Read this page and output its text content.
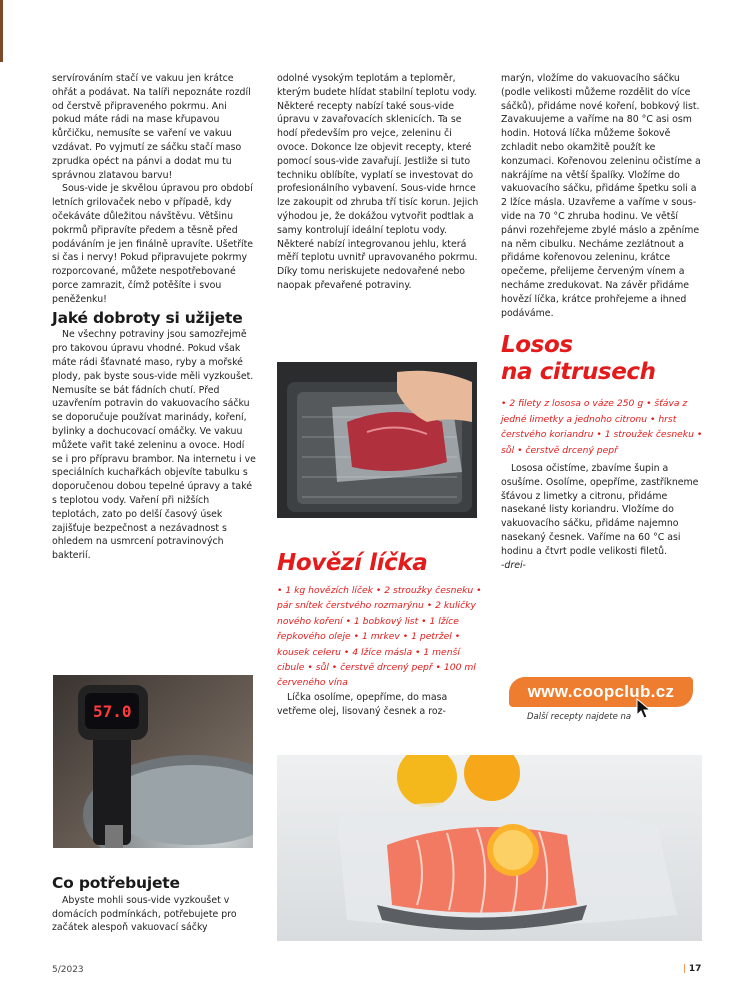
servírováním stačí ve vakuu jen krátce ohřát a podávat. Na talíři nepoznáte rozdíl od čerstvě připraveného pokrmu. Ani pokud máte rádi na mase křupavou kůrčičku, nemusíte se vaření ve vakuu vzdávat. Po vyjmutí ze sáčku stačí maso zprudka opéct na pánvi a dodat mu tu správnou zlatavou barvu!

Sous-vide je skvělou úpravou pro období letních grilovaček nebo v případě, kdy očekáváte důležitou návštěvu. Většinu pokrmů připravíte předem a těsně před podáváním je jen finálně upravíte. Ušetříte si čas i nervy! Pokud připravujete pokrmy rozporcované, můžete nespotřebované porce zamrazit, čímž potěšíte i svou peněženku!

Jaké dobroty si užijete

Ne všechny potraviny jsou samozřejmě pro takovou úpravu vhodné. Pokud však máte rádi šťavnaté maso, ryby a mořské plody, pak byste sous-vide měli vyzkoušet. Nemusíte se bát fádních chutí. Před uzavřením potravin do vakuovacího sáčku se doporučuje používat marinády, koření, bylinky a dochucovací omáčky. Ve vakuu můžete vařit také zeleninu a ovoce. Hodí se i pro přípravu brambor. Na internetu i ve speciálních kuchařkách objevíte tabulku s doporučenou dobou tepelné úpravy a také s teplotou vody. Vaření při nižších teplotách, zato po delší časový úsek zajišťuje bezpečnost a nezávadnost s ohledem na usmrcení potravinových bakterií.

57.0
Co potřebujete

Abyste mohli sous-vide vyzkoušet v domácích podmínkách, potřebujete pro začátek alespoň vakuovací sáčky

odolné vysokým teplotám a teploměr, kterým budete hlídat stabilní teplotu vody. Některé recepty nabízí také sous-vide úpravu v zavařovacích sklenicích. Ta se hodí především pro vejce, zeleninu či ovoce. Dokonce lze objevit recepty, které pomocí sous-vide zavařují. Jestliže si tuto techniku oblíbíte, vyplatí se investovat do profesionálního vybavení. Sous-vide hrnce lze zakoupit od zhruba tří tisíc korun. Jejich výhodou je, že dokážou vytvořit podtlak a samy kontrolují ideální teplotu vody. Některé nabízí integrovanou jehlu, která měří teplotu uvnitř upravovaného pokrmu. Díky tomu neriskujete nedovařené nebo naopak převařené potraviny.

Hovězí líčka

• 1 kg hovězích líček • 2 stroužky česneku • pár snítek čerstvého rozmarýnu • 2 kuličky nového koření • 1 bobkový list • 1 lžíce řepkového oleje • 1 mrkev • 1 petržel • kousek celeru • 4 lžíce másla • 1 menší cibule • sůl • čerstvě drcený pepř • 100 ml červeného vína

Líčka osolíme, opepříme, do masa vetřeme olej, lisovaný česnek a roz-

marýn, vložíme do vakuovacího sáčku (podle velikosti můžeme rozdělit do více sáčků), přidáme nové koření, bobkový list. Zavakuujeme a vaříme na 80 °C asi osm hodin. Hotová líčka můžeme šokově zchladit nebo okamžitě použít ke konzumaci. Kořenovou zeleninu očistíme a nakrájíme na větší špalíky. Vložíme do vakuovacího sáčku, přidáme špetku soli a 2 lžíce másla. Uzavřeme a vaříme v sous-vide na 70 °C zhruba hodinu. Ve větší pánvi rozehřejeme zbylé máslo a zpěníme na něm cibulku. Necháme zezlátnout a přidáme kořenovou zeleninu, krátce opečeme, přelijeme červeným vínem a necháme zredukovat. Na závěr přidáme hovězí líčka, krátce prohřejeme a ihned podáváme.

Losos
na citrusech

• 2 filety z lososa o váze 250 g • šťáva z jedné limetky a jednoho citronu • hrst čerstvého koriandru • 1 stroužek česneku • sůl • čerstvě drcený pepř

Lososa očistíme, zbavíme šupin a osušíme. Osolíme, opepříme, zastříkneme šťávou z limetky a citronu, přidáme nasekané listy koriandru. Vložíme do vakuovacího sáčku, přidáme najemno nasekaný česnek. Vaříme na 60 °C asi hodinu a čtvrt podle velikosti filetů.

-drei-

www.coopclub.cz
Další recepty najdete na
5/2023	| 17
